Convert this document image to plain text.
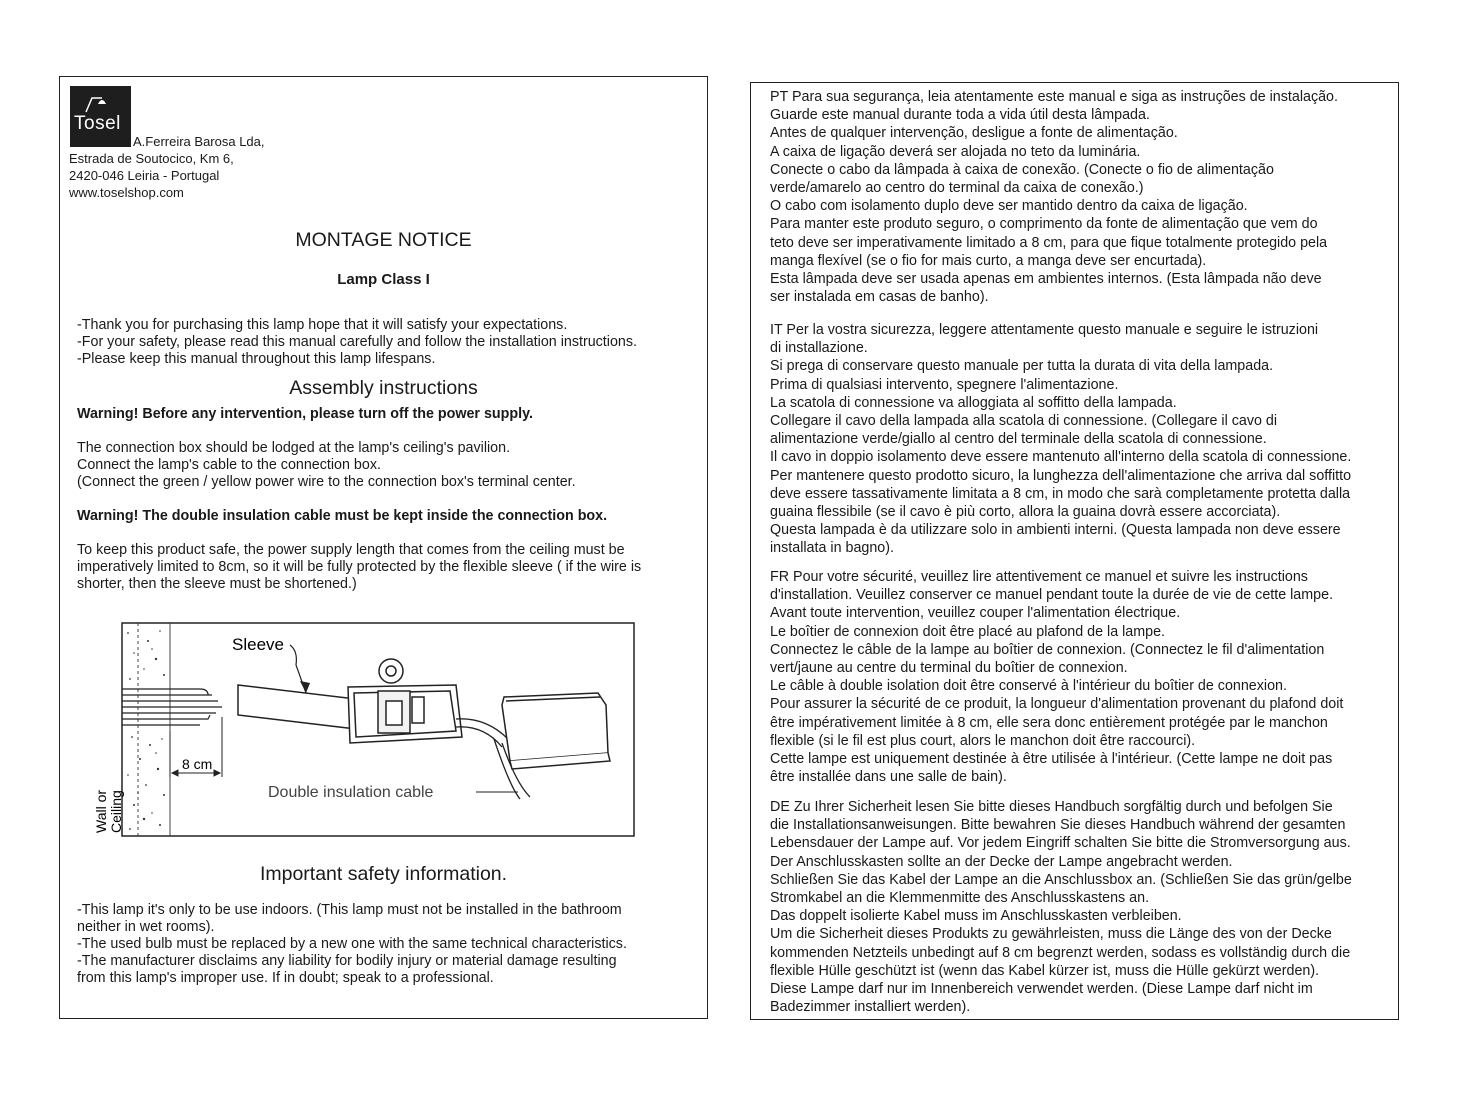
Tosel
A.Ferreira Barosa Lda,
Estrada de Soutocico, Km 6,
2420-046 Leiria - Portugal
www.toselshop.com
MONTAGE NOTICE
Lamp Class I
-Thank you for purchasing this lamp hope that it will satisfy your expectations.
-For your safety, please read this manual carefully and follow the installation instructions.
-Please keep this manual throughout this lamp lifespans.
Assembly instructions
Warning! Before any intervention, please turn off the power supply.
The connection box should be lodged at the lamp's ceiling's pavilion.
Connect the lamp's cable to the connection box.
(Connect the green / yellow power wire to the connection box's terminal center.
Warning! The double insulation cable must be kept inside the connection box.
To keep this product safe, the power supply length that comes from the ceiling must be
imperatively limited to 8cm, so it will be fully protected by the flexible sleeve ( if the wire is
shorter, then the sleeve must be shortened.)
8 cm
Sleeve
Double insulation cable
Wall or Ceiling
Important safety information.
-This lamp it's only to be use indoors. (This lamp must not be installed in the bathroom
neither in wet rooms).
-The used bulb must be replaced by a new one with the same technical characteristics.
-The manufacturer disclaims any liability for bodily injury or material damage resulting
from this lamp's improper use. If in doubt; speak to a professional.
PT Para sua segurança, leia atentamente este manual e siga as instruções de instalação.
Guarde este manual durante toda a vida útil desta lâmpada.
Antes de qualquer intervenção, desligue a fonte de alimentação.
A caixa de ligação deverá ser alojada no teto da luminária.
Conecte o cabo da lâmpada à caixa de conexão. (Conecte o fio de alimentação
verde/amarelo ao centro do terminal da caixa de conexão.)
O cabo com isolamento duplo deve ser mantido dentro da caixa de ligação.
Para manter este produto seguro, o comprimento da fonte de alimentação que vem do
teto deve ser imperativamente limitado a 8 cm, para que fique totalmente protegido pela
manga flexível (se o fio for mais curto, a manga deve ser encurtada).
Esta lâmpada deve ser usada apenas em ambientes internos. (Esta lâmpada não deve
ser instalada em casas de banho).
IT Per la vostra sicurezza, leggere attentamente questo manuale e seguire le istruzioni
di installazione.
Si prega di conservare questo manuale per tutta la durata di vita della lampada.
Prima di qualsiasi intervento, spegnere l'alimentazione.
La scatola di connessione va alloggiata al soffitto della lampada.
Collegare il cavo della lampada alla scatola di connessione. (Collegare il cavo di
alimentazione verde/giallo al centro del terminale della scatola di connessione.
Il cavo in doppio isolamento deve essere mantenuto all'interno della scatola di connessione.
Per mantenere questo prodotto sicuro, la lunghezza dell'alimentazione che arriva dal soffitto
deve essere tassativamente limitata a 8 cm, in modo che sarà completamente protetta dalla
guaina flessibile (se il cavo è più corto, allora la guaina dovrà essere accorciata).
Questa lampada è da utilizzare solo in ambienti interni. (Questa lampada non deve essere
installata in bagno).
FR Pour votre sécurité, veuillez lire attentivement ce manuel et suivre les instructions
d'installation. Veuillez conserver ce manuel pendant toute la durée de vie de cette lampe.
Avant toute intervention, veuillez couper l'alimentation électrique.
Le boîtier de connexion doit être placé au plafond de la lampe.
Connectez le câble de la lampe au boîtier de connexion. (Connectez le fil d'alimentation
vert/jaune au centre du terminal du boîtier de connexion.
Le câble à double isolation doit être conservé à l'intérieur du boîtier de connexion.
Pour assurer la sécurité de ce produit, la longueur d'alimentation provenant du plafond doit
être impérativement limitée à 8 cm, elle sera donc entièrement protégée par le manchon
flexible (si le fil est plus court, alors le manchon doit être raccourci).
Cette lampe est uniquement destinée à être utilisée à l'intérieur. (Cette lampe ne doit pas
être installée dans une salle de bain).
DE Zu Ihrer Sicherheit lesen Sie bitte dieses Handbuch sorgfältig durch und befolgen Sie
die Installationsanweisungen. Bitte bewahren Sie dieses Handbuch während der gesamten
Lebensdauer der Lampe auf. Vor jedem Eingriff schalten Sie bitte die Stromversorgung aus.
Der Anschlusskasten sollte an der Decke der Lampe angebracht werden.
Schließen Sie das Kabel der Lampe an die Anschlussbox an. (Schließen Sie das grün/gelbe
Stromkabel an die Klemmenmitte des Anschlusskastens an.
Das doppelt isolierte Kabel muss im Anschlusskasten verbleiben.
Um die Sicherheit dieses Produkts zu gewährleisten, muss die Länge des von der Decke
kommenden Netzteils unbedingt auf 8 cm begrenzt werden, sodass es vollständig durch die
flexible Hülle geschützt ist (wenn das Kabel kürzer ist, muss die Hülle gekürzt werden).
Diese Lampe darf nur im Innenbereich verwendet werden. (Diese Lampe darf nicht im
Badezimmer installiert werden).
